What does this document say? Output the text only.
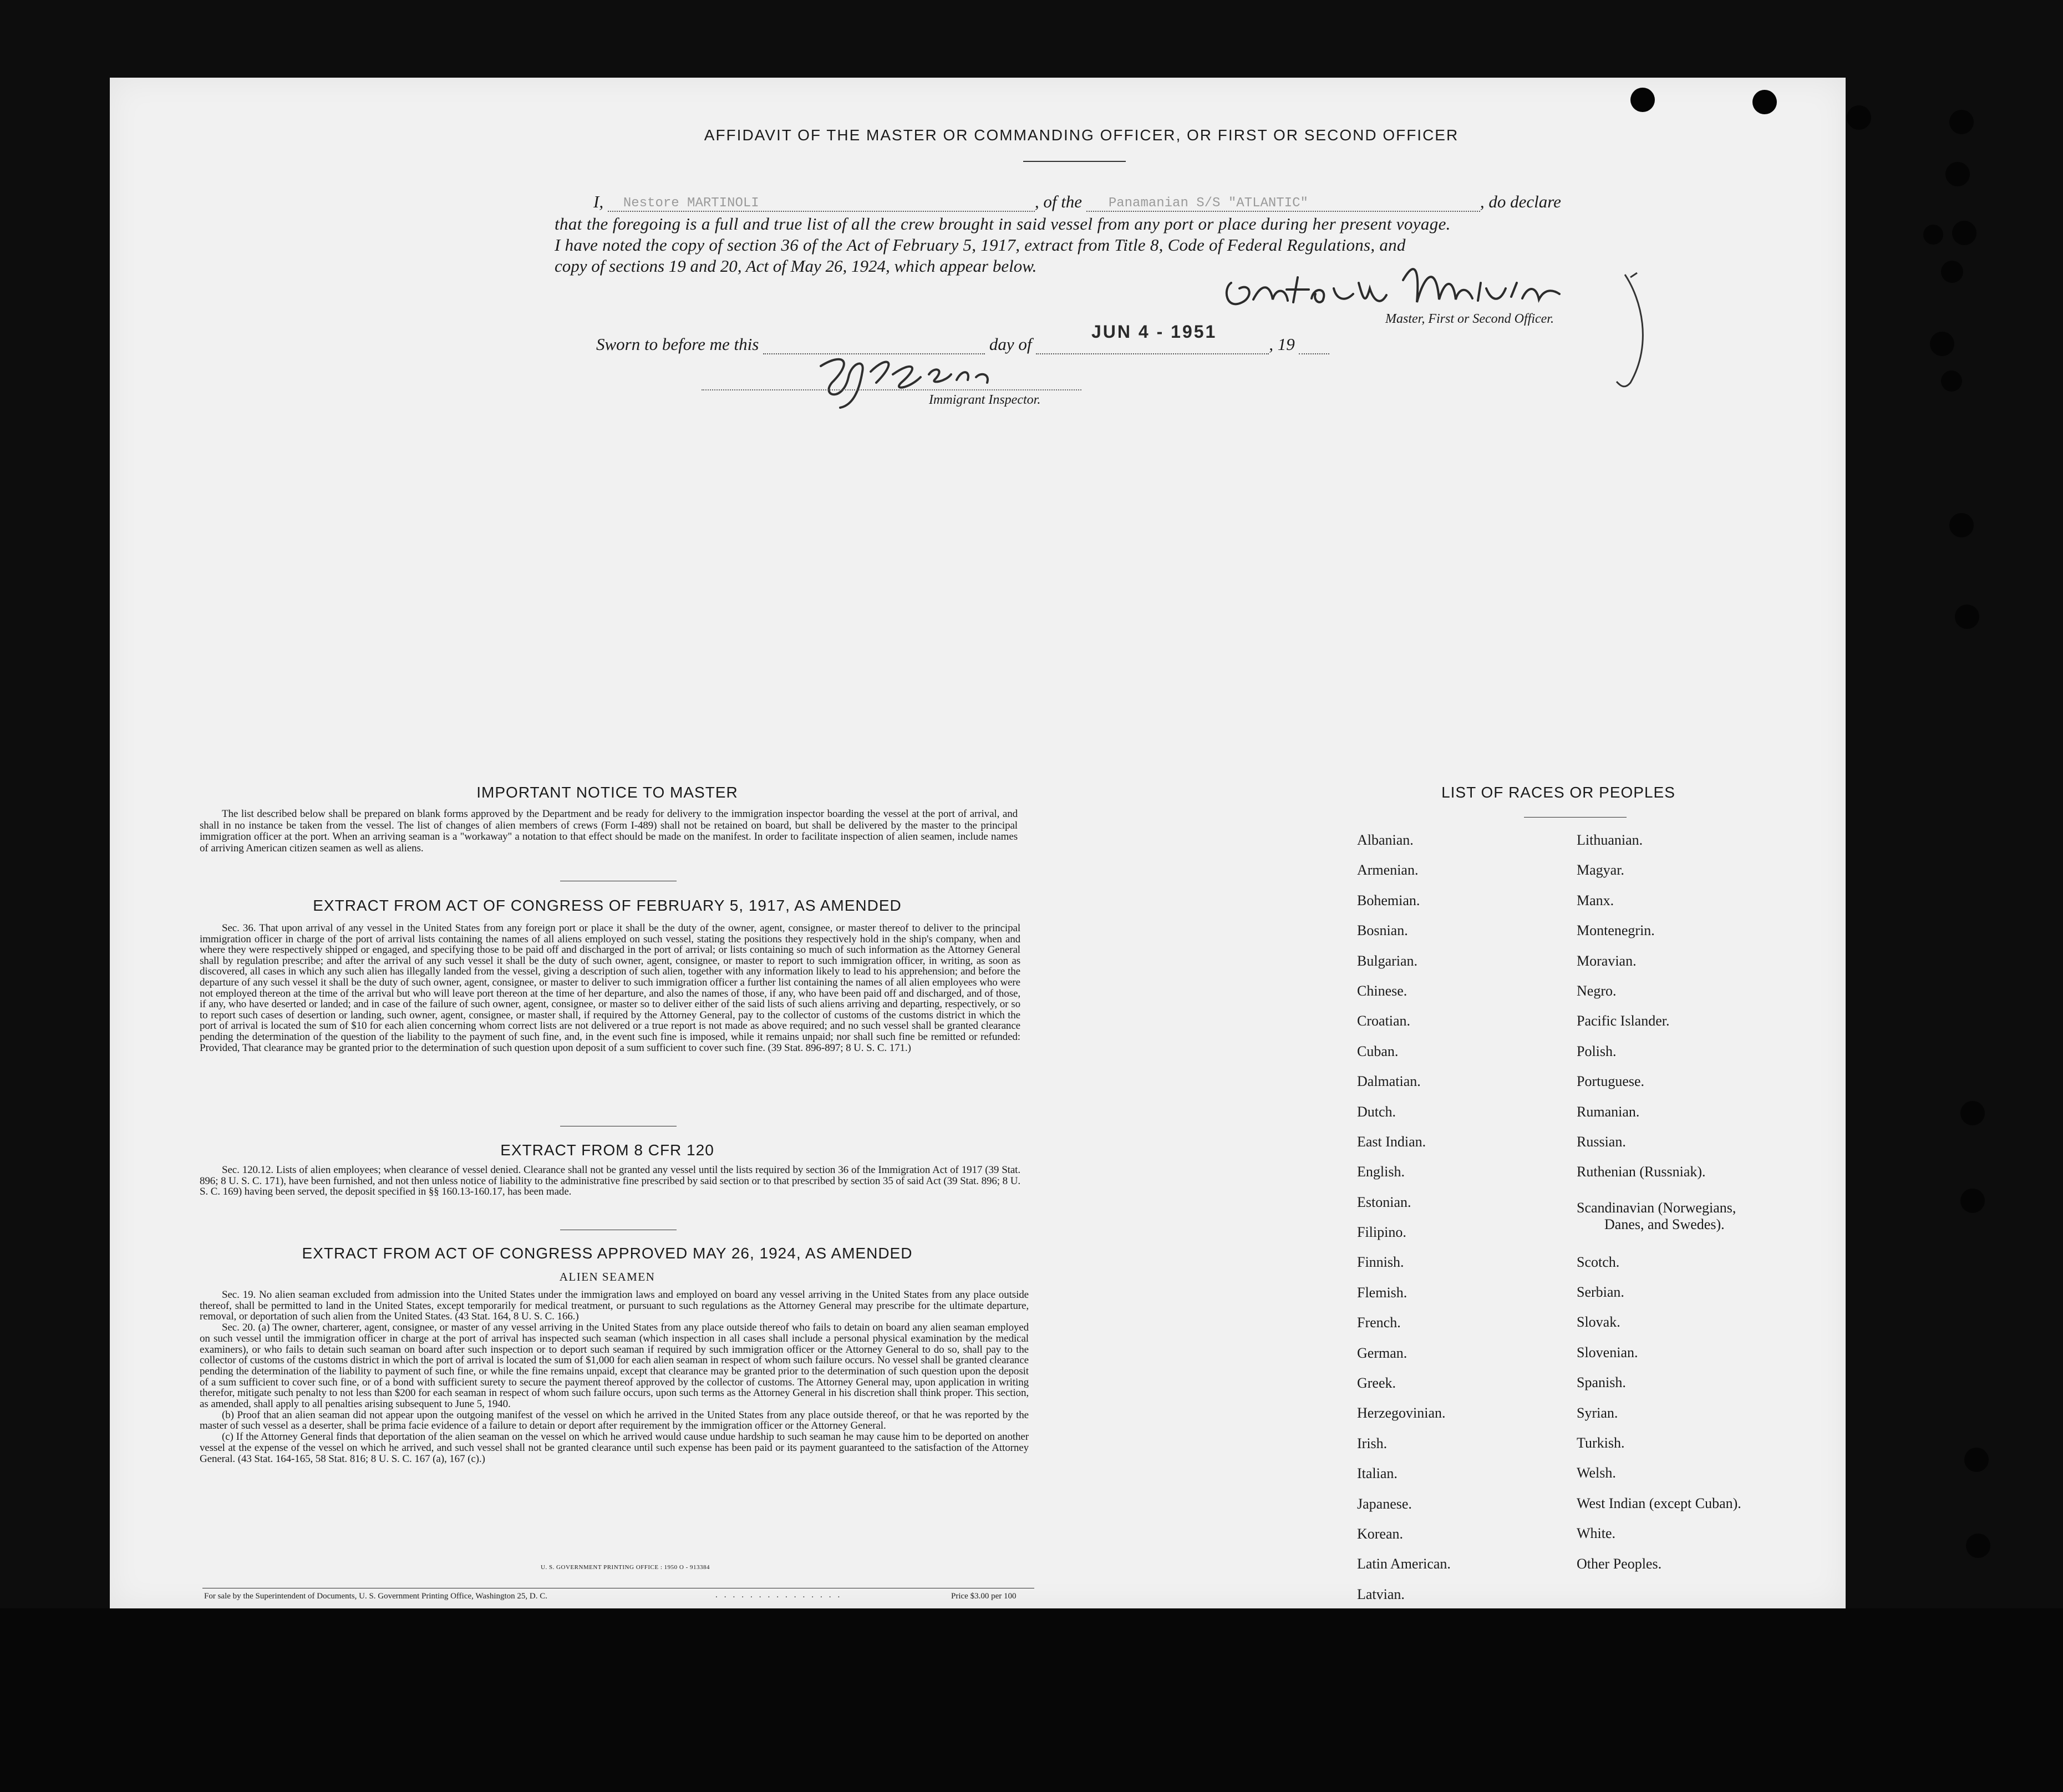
AFFIDAVIT OF THE MASTER OR COMMANDING OFFICER, OR FIRST OR SECOND OFFICER
I, Nestore MARTINOLI	, of the Panamanian S/S "ATLANTIC"	, do declare
that the foregoing is a full and true list of all the crew brought in said vessel from any port or place during her present voyage.
I have noted the copy of section 36 of the Act of February 5, 1917, extract from Title 8, Code of Federal Regulations, and
copy of sections 19 and 20, Act of May 26, 1924, which appear below.
Master, First or Second Officer.
Sworn to before me this	day of	, 19
JUN 4 - 1951
Immigrant Inspector.
IMPORTANT NOTICE TO MASTER

The list described below shall be prepared on blank forms approved by the Department and be ready for delivery to the immigration inspector boarding the vessel at the port of arrival, and shall in no instance be taken from the vessel. The list of changes of alien members of crews (Form I-489) shall not be retained on board, but shall be delivered by the master to the principal immigration officer at the port. When an arriving seaman is a "workaway" a notation to that effect should be made on the manifest. In order to facilitate inspection of alien seamen, include names of arriving American citizen seamen as well as aliens.

EXTRACT FROM ACT OF CONGRESS OF FEBRUARY 5, 1917, AS AMENDED

Sec. 36. That upon arrival of any vessel in the United States from any foreign port or place it shall be the duty of the owner, agent, consignee, or master thereof to deliver to the principal immigration officer in charge of the port of arrival lists containing the names of all aliens employed on such vessel, stating the positions they respectively hold in the ship's company, when and where they were respectively shipped or engaged, and specifying those to be paid off and discharged in the port of arrival; or lists containing so much of such information as the Attorney General shall by regulation prescribe; and after the arrival of any such vessel it shall be the duty of such owner, agent, consignee, or master to report to such immigration officer, in writing, as soon as discovered, all cases in which any such alien has illegally landed from the vessel, giving a description of such alien, together with any information likely to lead to his apprehension; and before the departure of any such vessel it shall be the duty of such owner, agent, consignee, or master to deliver to such immigration officer a further list containing the names of all alien employees who were not employed thereon at the time of the arrival but who will leave port thereon at the time of her departure, and also the names of those, if any, who have been paid off and discharged, and of those, if any, who have deserted or landed; and in case of the failure of such owner, agent, consignee, or master so to deliver either of the said lists of such aliens arriving and departing, respectively, or so to report such cases of desertion or landing, such owner, agent, consignee, or master shall, if required by the Attorney General, pay to the collector of customs of the customs district in which the port of arrival is located the sum of $10 for each alien concerning whom correct lists are not delivered or a true report is not made as above required; and no such vessel shall be granted clearance pending the determination of the question of the liability to the payment of such fine, and, in the event such fine is imposed, while it remains unpaid; nor shall such fine be remitted or refunded: Provided, That clearance may be granted prior to the determination of such question upon deposit of a sum sufficient to cover such fine. (39 Stat. 896-897; 8 U. S. C. 171.)

EXTRACT FROM 8 CFR 120

Sec. 120.12. Lists of alien employees; when clearance of vessel denied. Clearance shall not be granted any vessel until the lists required by section 36 of the Immigration Act of 1917 (39 Stat. 896; 8 U. S. C. 171), have been furnished, and not then unless notice of liability to the administrative fine prescribed by said section or to that prescribed by section 35 of said Act (39 Stat. 896; 8 U. S. C. 169) having been served, the deposit specified in §§ 160.13-160.17, has been made.

EXTRACT FROM ACT OF CONGRESS APPROVED MAY 26, 1924, AS AMENDED
ALIEN SEAMEN

Sec. 19. No alien seaman excluded from admission into the United States under the immigration laws and employed on board any vessel arriving in the United States from any place outside thereof, shall be permitted to land in the United States, except temporarily for medical treatment, or pursuant to such regulations as the Attorney General may prescribe for the ultimate departure, removal, or deportation of such alien from the United States. (43 Stat. 164, 8 U. S. C. 166.)

Sec. 20. (a) The owner, charterer, agent, consignee, or master of any vessel arriving in the United States from any place outside thereof who fails to detain on board any alien seaman employed on such vessel until the immigration officer in charge at the port of arrival has inspected such seaman (which inspection in all cases shall include a personal physical examination by the medical examiners), or who fails to detain such seaman on board after such inspection or to deport such seaman if required by such immigration officer or the Attorney General to do so, shall pay to the collector of customs of the customs district in which the port of arrival is located the sum of $1,000 for each alien seaman in respect of whom such failure occurs. No vessel shall be granted clearance pending the determination of the liability to payment of such fine, or while the fine remains unpaid, except that clearance may be granted prior to the determination of such question upon the deposit of a sum sufficient to cover such fine, or of a bond with sufficient surety to secure the payment thereof approved by the collector of customs. The Attorney General may, upon application in writing therefor, mitigate such penalty to not less than $200 for each seaman in respect of whom such failure occurs, upon such terms as the Attorney General in his discretion shall think proper. This section, as amended, shall apply to all penalties arising subsequent to June 5, 1940.

(b) Proof that an alien seaman did not appear upon the outgoing manifest of the vessel on which he arrived in the United States from any place outside thereof, or that he was reported by the master of such vessel as a deserter, shall be prima facie evidence of a failure to detain or deport after requirement by the immigration officer or the Attorney General.

(c) If the Attorney General finds that deportation of the alien seaman on the vessel on which he arrived would cause undue hardship to such seaman he may cause him to be deported on another vessel at the expense of the vessel on which he arrived, and such vessel shall not be granted clearance until such expense has been paid or its payment guaranteed to the satisfaction of the Attorney General. (43 Stat. 164-165, 58 Stat. 816; 8 U. S. C. 167 (a), 167 (c).)

U. S. GOVERNMENT PRINTING OFFICE : 1950 O - 913384
For sale by the Superintendent of Documents, U. S. Government Printing Office, Washington 25, D. C.	...............	Price $3.00 per 100
LIST OF RACES OR PEOPLES
Albanian.
Armenian.
Bohemian.
Bosnian.
Bulgarian.
Chinese.
Croatian.
Cuban.
Dalmatian.
Dutch.
East Indian.
English.
Estonian.
Filipino.
Finnish.
Flemish.
French.
German.
Greek.
Herzegovinian.
Irish.
Italian.
Japanese.
Korean.
Latin American.
Latvian.
Lithuanian.
Magyar.
Manx.
Montenegrin.
Moravian.
Negro.
Pacific Islander.
Polish.
Portuguese.
Rumanian.
Russian.
Ruthenian (Russniak).
Scandinavian (Norwegians,
Danes, and Swedes).
Scotch.
Serbian.
Slovak.
Slovenian.
Spanish.
Syrian.
Turkish.
Welsh.
West Indian (except Cuban).
White.
Other Peoples.
